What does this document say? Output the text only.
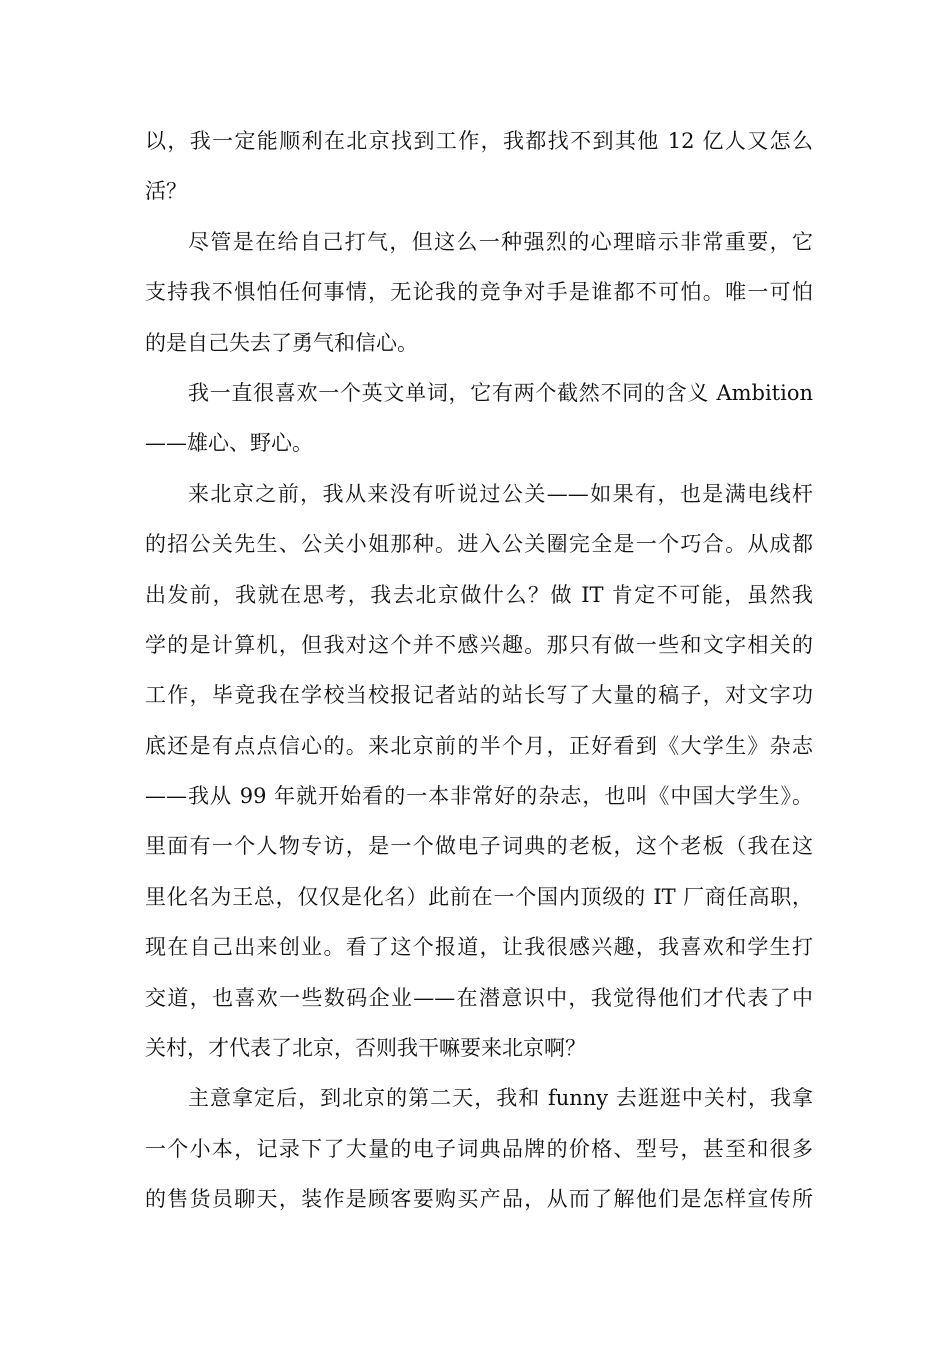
以，我一定能顺利在北京找到工作，我都找不到其他 12 亿人又怎么
活？
尽管是在给自己打气，但这么一种强烈的心理暗示非常重要，它
支持我不惧怕任何事情，无论我的竞争对手是谁都不可怕。唯一可怕
的是自己失去了勇气和信心。
我一直很喜欢一个英文单词，它有两个截然不同的含义 Ambition
——雄心、野心。
来北京之前，我从来没有听说过公关——如果有，也是满电线杆
的招公关先生、公关小姐那种。进入公关圈完全是一个巧合。从成都
出发前，我就在思考，我去北京做什么？做 IT 肯定不可能，虽然我
学的是计算机，但我对这个并不感兴趣。那只有做一些和文字相关的
工作，毕竟我在学校当校报记者站的站长写了大量的稿子，对文字功
底还是有点点信心的。来北京前的半个月，正好看到《大学生》杂志
——我从 99 年就开始看的一本非常好的杂志，也叫《中国大学生》。
里面有一个人物专访，是一个做电子词典的老板，这个老板（我在这
里化名为王总，仅仅是化名）此前在一个国内顶级的 IT 厂商任高职，
现在自己出来创业。看了这个报道，让我很感兴趣，我喜欢和学生打
交道，也喜欢一些数码企业——在潜意识中，我觉得他们才代表了中
关村，才代表了北京，否则我干嘛要来北京啊？
主意拿定后，到北京的第二天，我和 funny 去逛逛中关村，我拿
一个小本，记录下了大量的电子词典品牌的价格、型号，甚至和很多
的售货员聊天，装作是顾客要购买产品，从而了解他们是怎样宣传所
